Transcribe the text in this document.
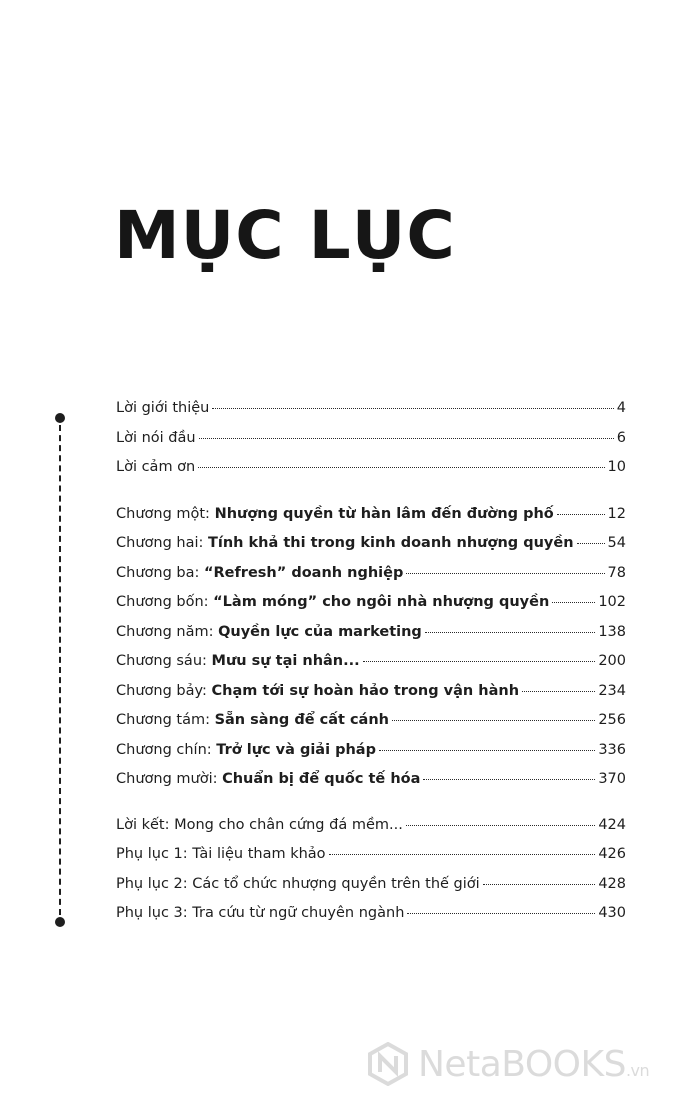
MỤC LỤC
Lời giới thiệu	4
Lời nói đầu	6
Lời cảm ơn	10
Chương một: Nhượng quyền từ hàn lâm đến đường phố	12
Chương hai: Tính khả thi trong kinh doanh nhượng quyền 54
Chương ba: “Refresh” doanh nghiệp	78
Chương bốn: “Làm móng” cho ngôi nhà nhượng quyền	102
Chương năm: Quyền lực của marketing	138
Chương sáu: Mưu sự tại nhân...	200
Chương bảy: Chạm tới sự hoàn hảo trong vận hành	234
Chương tám: Sẵn sàng để cất cánh	256
Chương chín: Trở lực và giải pháp	336
Chương mười: Chuẩn bị để quốc tế hóa	370
Lời kết: Mong cho chân cứng đá mềm...	424
Phụ lục 1: Tài liệu tham khảo	426
Phụ lục 2: Các tổ chức nhượng quyền trên thế giới	428
Phụ lục 3: Tra cứu từ ngữ chuyên ngành	430
NetaBOOKS.vn
